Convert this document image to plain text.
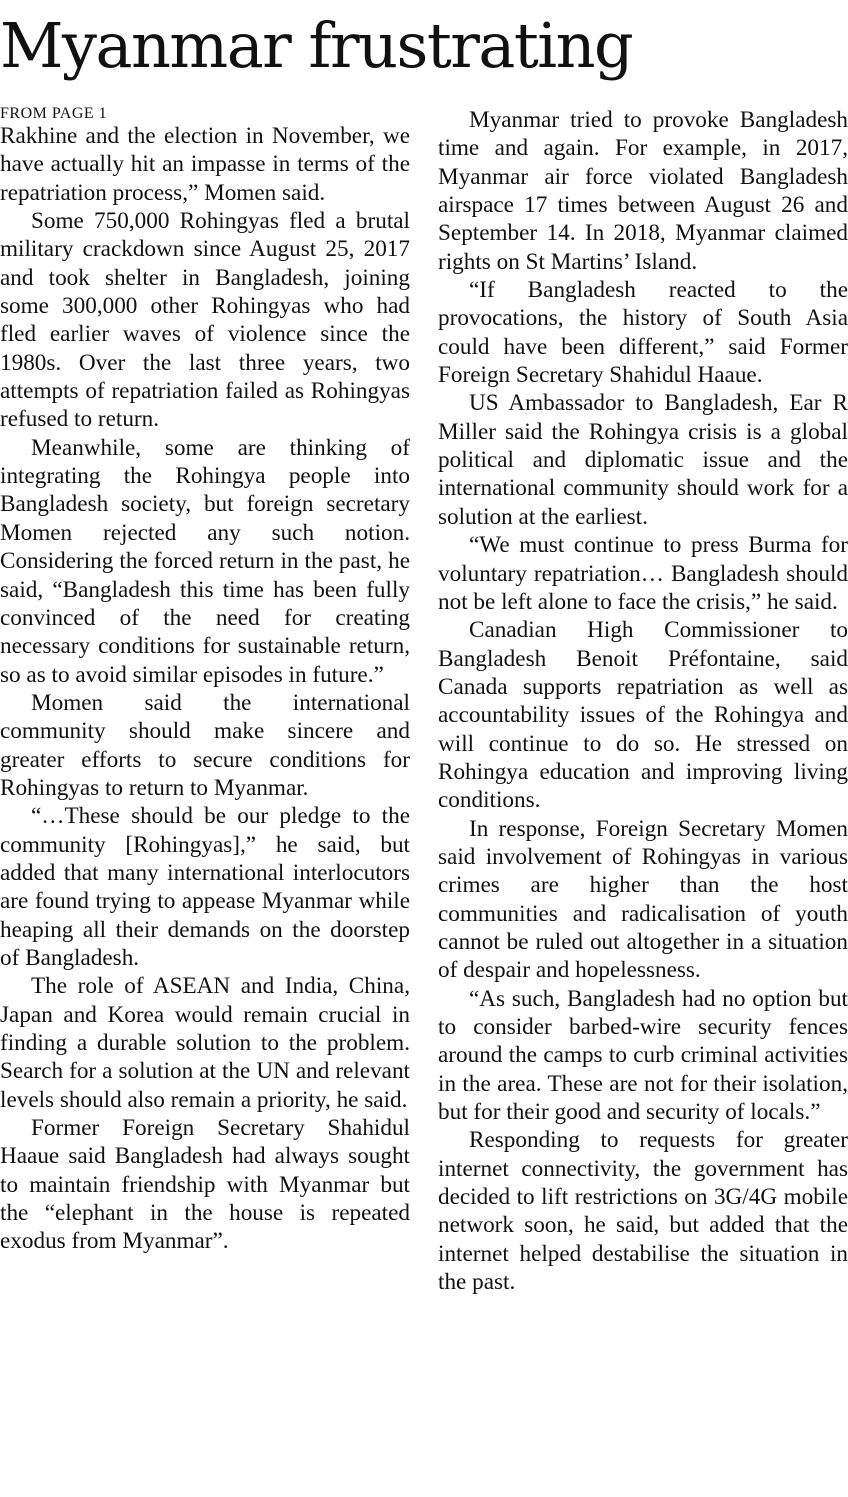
Myanmar frustrating
FROM PAGE 1

Rakhine and the election in November, we have actually hit an impasse in terms of the repatriation process,” Momen said.

Some 750,000 Rohingyas fled a brutal military crackdown since August 25, 2017 and took shelter in Bangladesh, joining some 300,000 other Rohingyas who had fled earlier waves of violence since the 1980s. Over the last three years, two attempts of repatriation failed as Rohingyas refused to return.

Meanwhile, some are thinking of integrating the Rohingya people into Bangladesh society, but foreign secretary Momen rejected any such notion. Considering the forced return in the past, he said, “Bangladesh this time has been fully convinced of the need for creating necessary conditions for sustainable return, so as to avoid similar episodes in future.”

Momen said the international community should make sincere and greater efforts to secure conditions for Rohingyas to return to Myanmar.

“…These should be our pledge to the community [Rohingyas],” he said, but added that many international interlocutors are found trying to appease Myanmar while heaping all their demands on the doorstep of Bangladesh.

The role of ASEAN and India, China, Japan and Korea would remain crucial in finding a durable solution to the problem. Search for a solution at the UN and relevant levels should also remain a priority, he said.

Former Foreign Secretary Shahidul Haaue said Bangladesh had always sought to maintain friendship with Myanmar but the “elephant in the house is repeated exodus from Myanmar”.

Myanmar tried to provoke Bangladesh time and again. For example, in 2017, Myanmar air force violated Bangladesh airspace 17 times between August 26 and September 14. In 2018, Myanmar claimed rights on St Martins’ Island.

“If Bangladesh reacted to the provocations, the history of South Asia could have been different,” said Former Foreign Secretary Shahidul Haaue.

US Ambassador to Bangladesh, Ear R Miller said the Rohingya crisis is a global political and diplomatic issue and the international community should work for a solution at the earliest.

“We must continue to press Burma for voluntary repatriation… Bangladesh should not be left alone to face the crisis,” he said.

Canadian High Commissioner to Bangladesh Benoit Préfontaine, said Canada supports repatriation as well as accountability issues of the Rohingya and will continue to do so. He stressed on Rohingya education and improving living conditions.

In response, Foreign Secretary Momen said involvement of Rohingyas in various crimes are higher than the host communities and radicalisation of youth cannot be ruled out altogether in a situation of despair and hopelessness.

“As such, Bangladesh had no option but to consider barbed-wire security fences around the camps to curb criminal activities in the area. These are not for their isolation, but for their good and security of locals.”

Responding to requests for greater internet connectivity, the government has decided to lift restrictions on 3G/4G mobile network soon, he said, but added that the internet helped destabilise the situation in the past.
